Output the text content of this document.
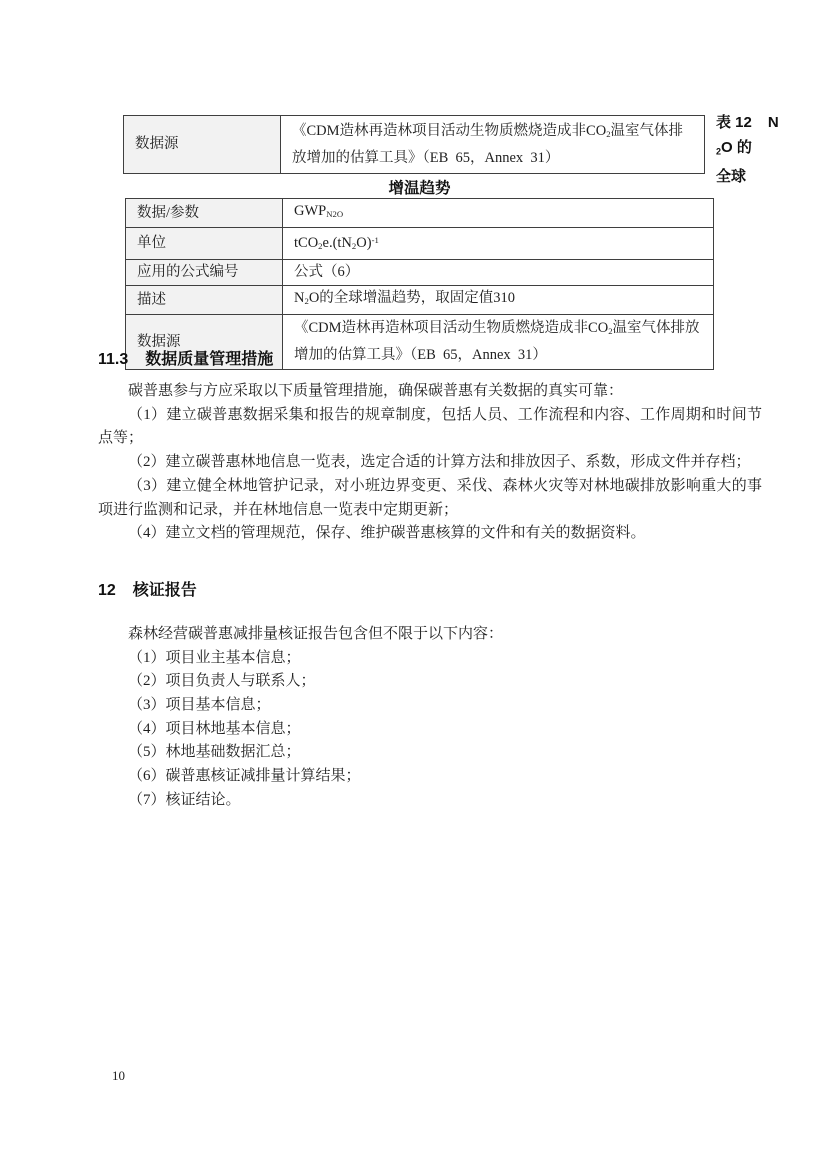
数据源	《CDM造林再造林项目活动生物质燃烧造成非$CO_2$温室气体排放增加的估算工具》（EB  65，Annex  31）
表 12 N
$_2$O 的
全球
增温趋势
数据/参数	$GWP_{N2O}$
单位	$tCO_2e.(tN_2O)^{-1}$
应用的公式编号	公式（6）
描述	$N_2O$的全球增温趋势，取固定值310
数据源	《CDM造林再造林项目活动生物质燃烧造成非$CO_2$温室气体排放增加的估算工具》（EB  65，Annex  31）
11.3 数据质量管理措施

碳普惠参与方应采取以下质量管理措施，确保碳普惠有关数据的真实可靠：

（1）建立碳普惠数据采集和报告的规章制度，包括人员、工作流程和内容、工作周期和时间节点等；

（2）建立碳普惠林地信息一览表，选定合适的计算方法和排放因子、系数，形成文件并存档；

（3）建立健全林地管护记录，对小班边界变更、采伐、森林火灾等对林地碳排放影响重大的事项进行监测和记录，并在林地信息一览表中定期更新；

（4）建立文档的管理规范，保存、维护碳普惠核算的文件和有关的数据资料。

12 核证报告

森林经营碳普惠减排量核证报告包含但不限于以下内容：

（1）项目业主基本信息；

（2）项目负责人与联系人；

（3）项目基本信息；

（4）项目林地基本信息；

（5）林地基础数据汇总；

（6）碳普惠核证减排量计算结果；

（7）核证结论。

10
